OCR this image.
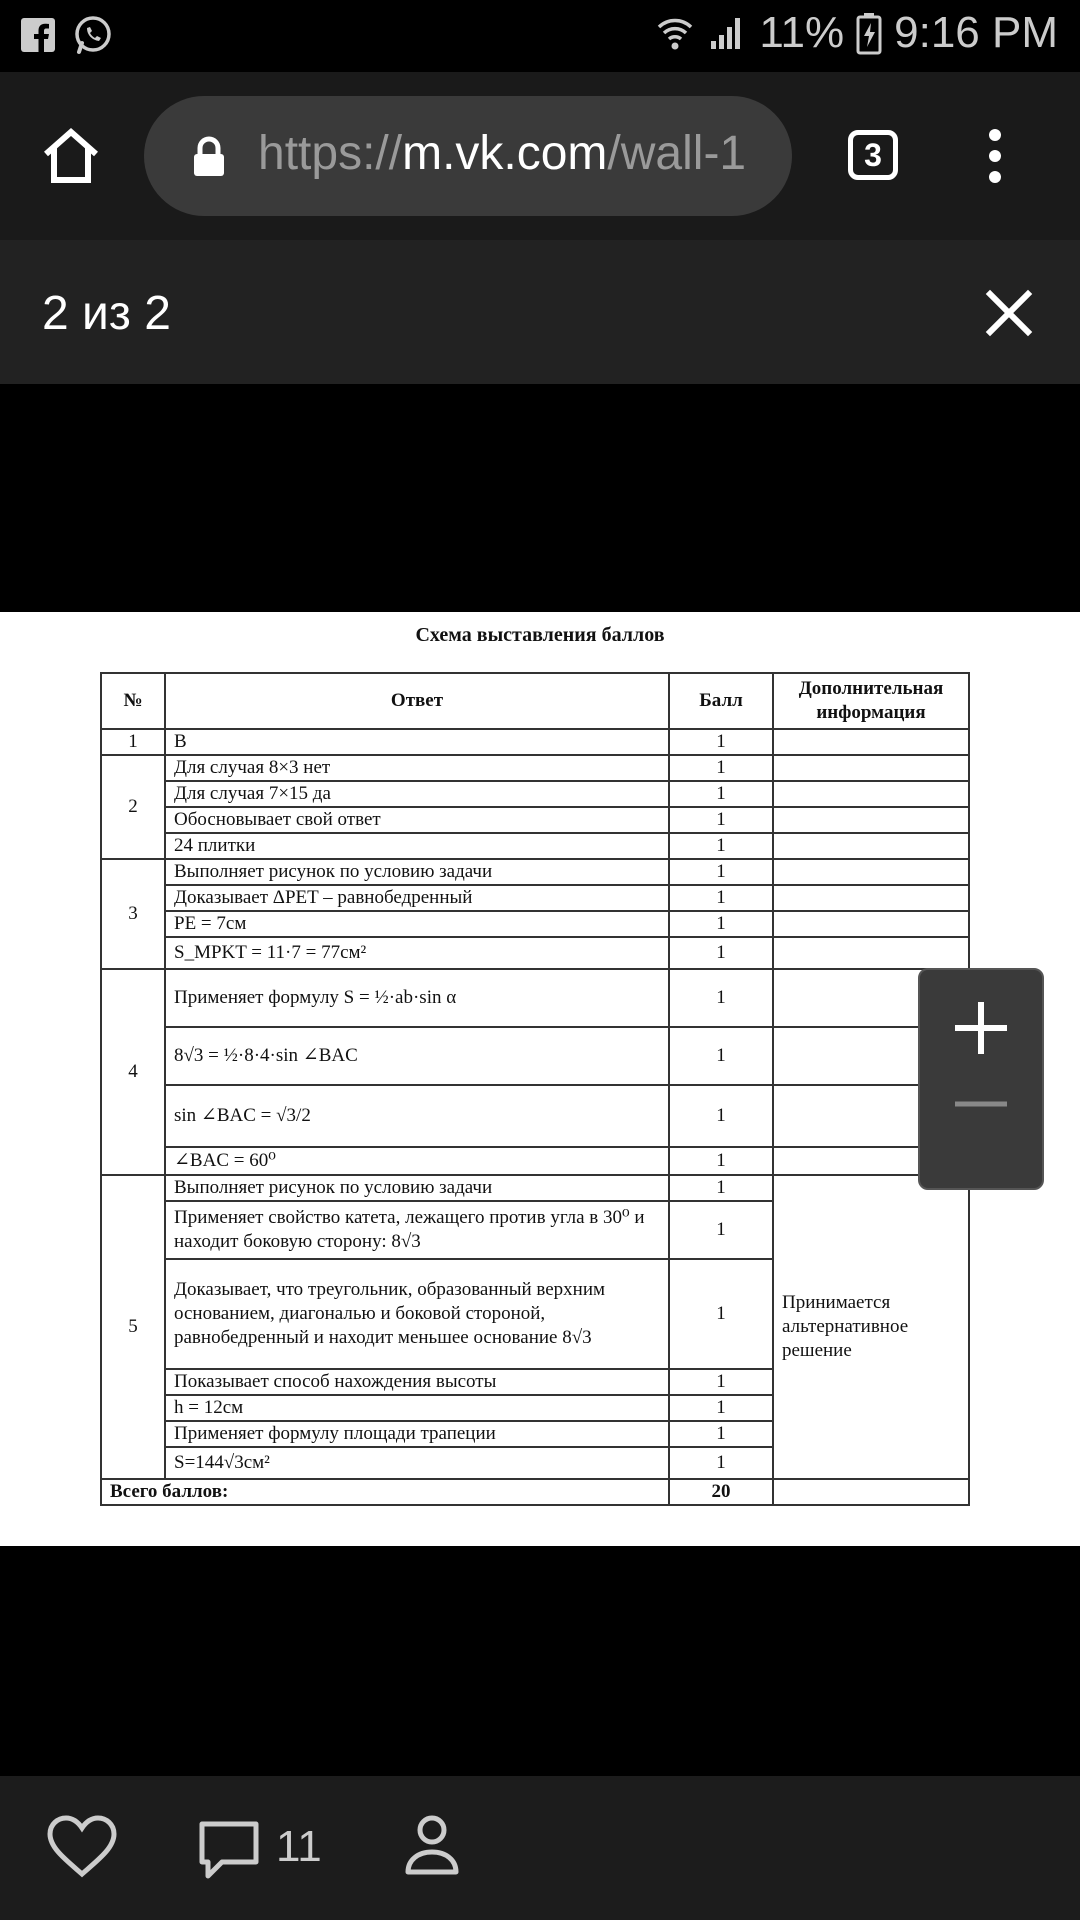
11% 9:16 PM
https://m.vk.com/wall-1	3
2 из 2
Схема выставления баллов
№	Ответ	Балл	Дополнительная информация
1	В	1	
2	Для случая 8×3 нет	1	
	Для случая 7×15 да	1	
	Обосновывает свой ответ	1	
	24 плитки	1	
3	Выполняет рисунок по условию задачи	1	
	Доказывает ΔPET – равнобедренный	1	
	PE = 7см	1	
	S_MPKT = 11·7 = 77см²	1	
4	Применяет формулу S = ½·ab·sin α	1	
	8√3 = ½·8·4·sin ∠BAC	1	
	sin ∠BAC = √3/2	1	
	∠BAC = 60⁰	1	
5	Выполняет рисунок по условию задачи	1	Принимается альтернативное решение
	Применяет свойство катета, лежащего против угла в 30⁰ и находит боковую сторону: 8√3	1	
	Доказывает, что треугольник, образованный верхним основанием, диагональю и боковой стороной, равнобедренный и находит меньшее основание 8√3	1	
	Показывает способ нахождения высоты	1	
	h = 12см	1	
	Применяет формулу площади трапеции	1	
	S=144√3см²	1	
Всего баллов:		20	
11
